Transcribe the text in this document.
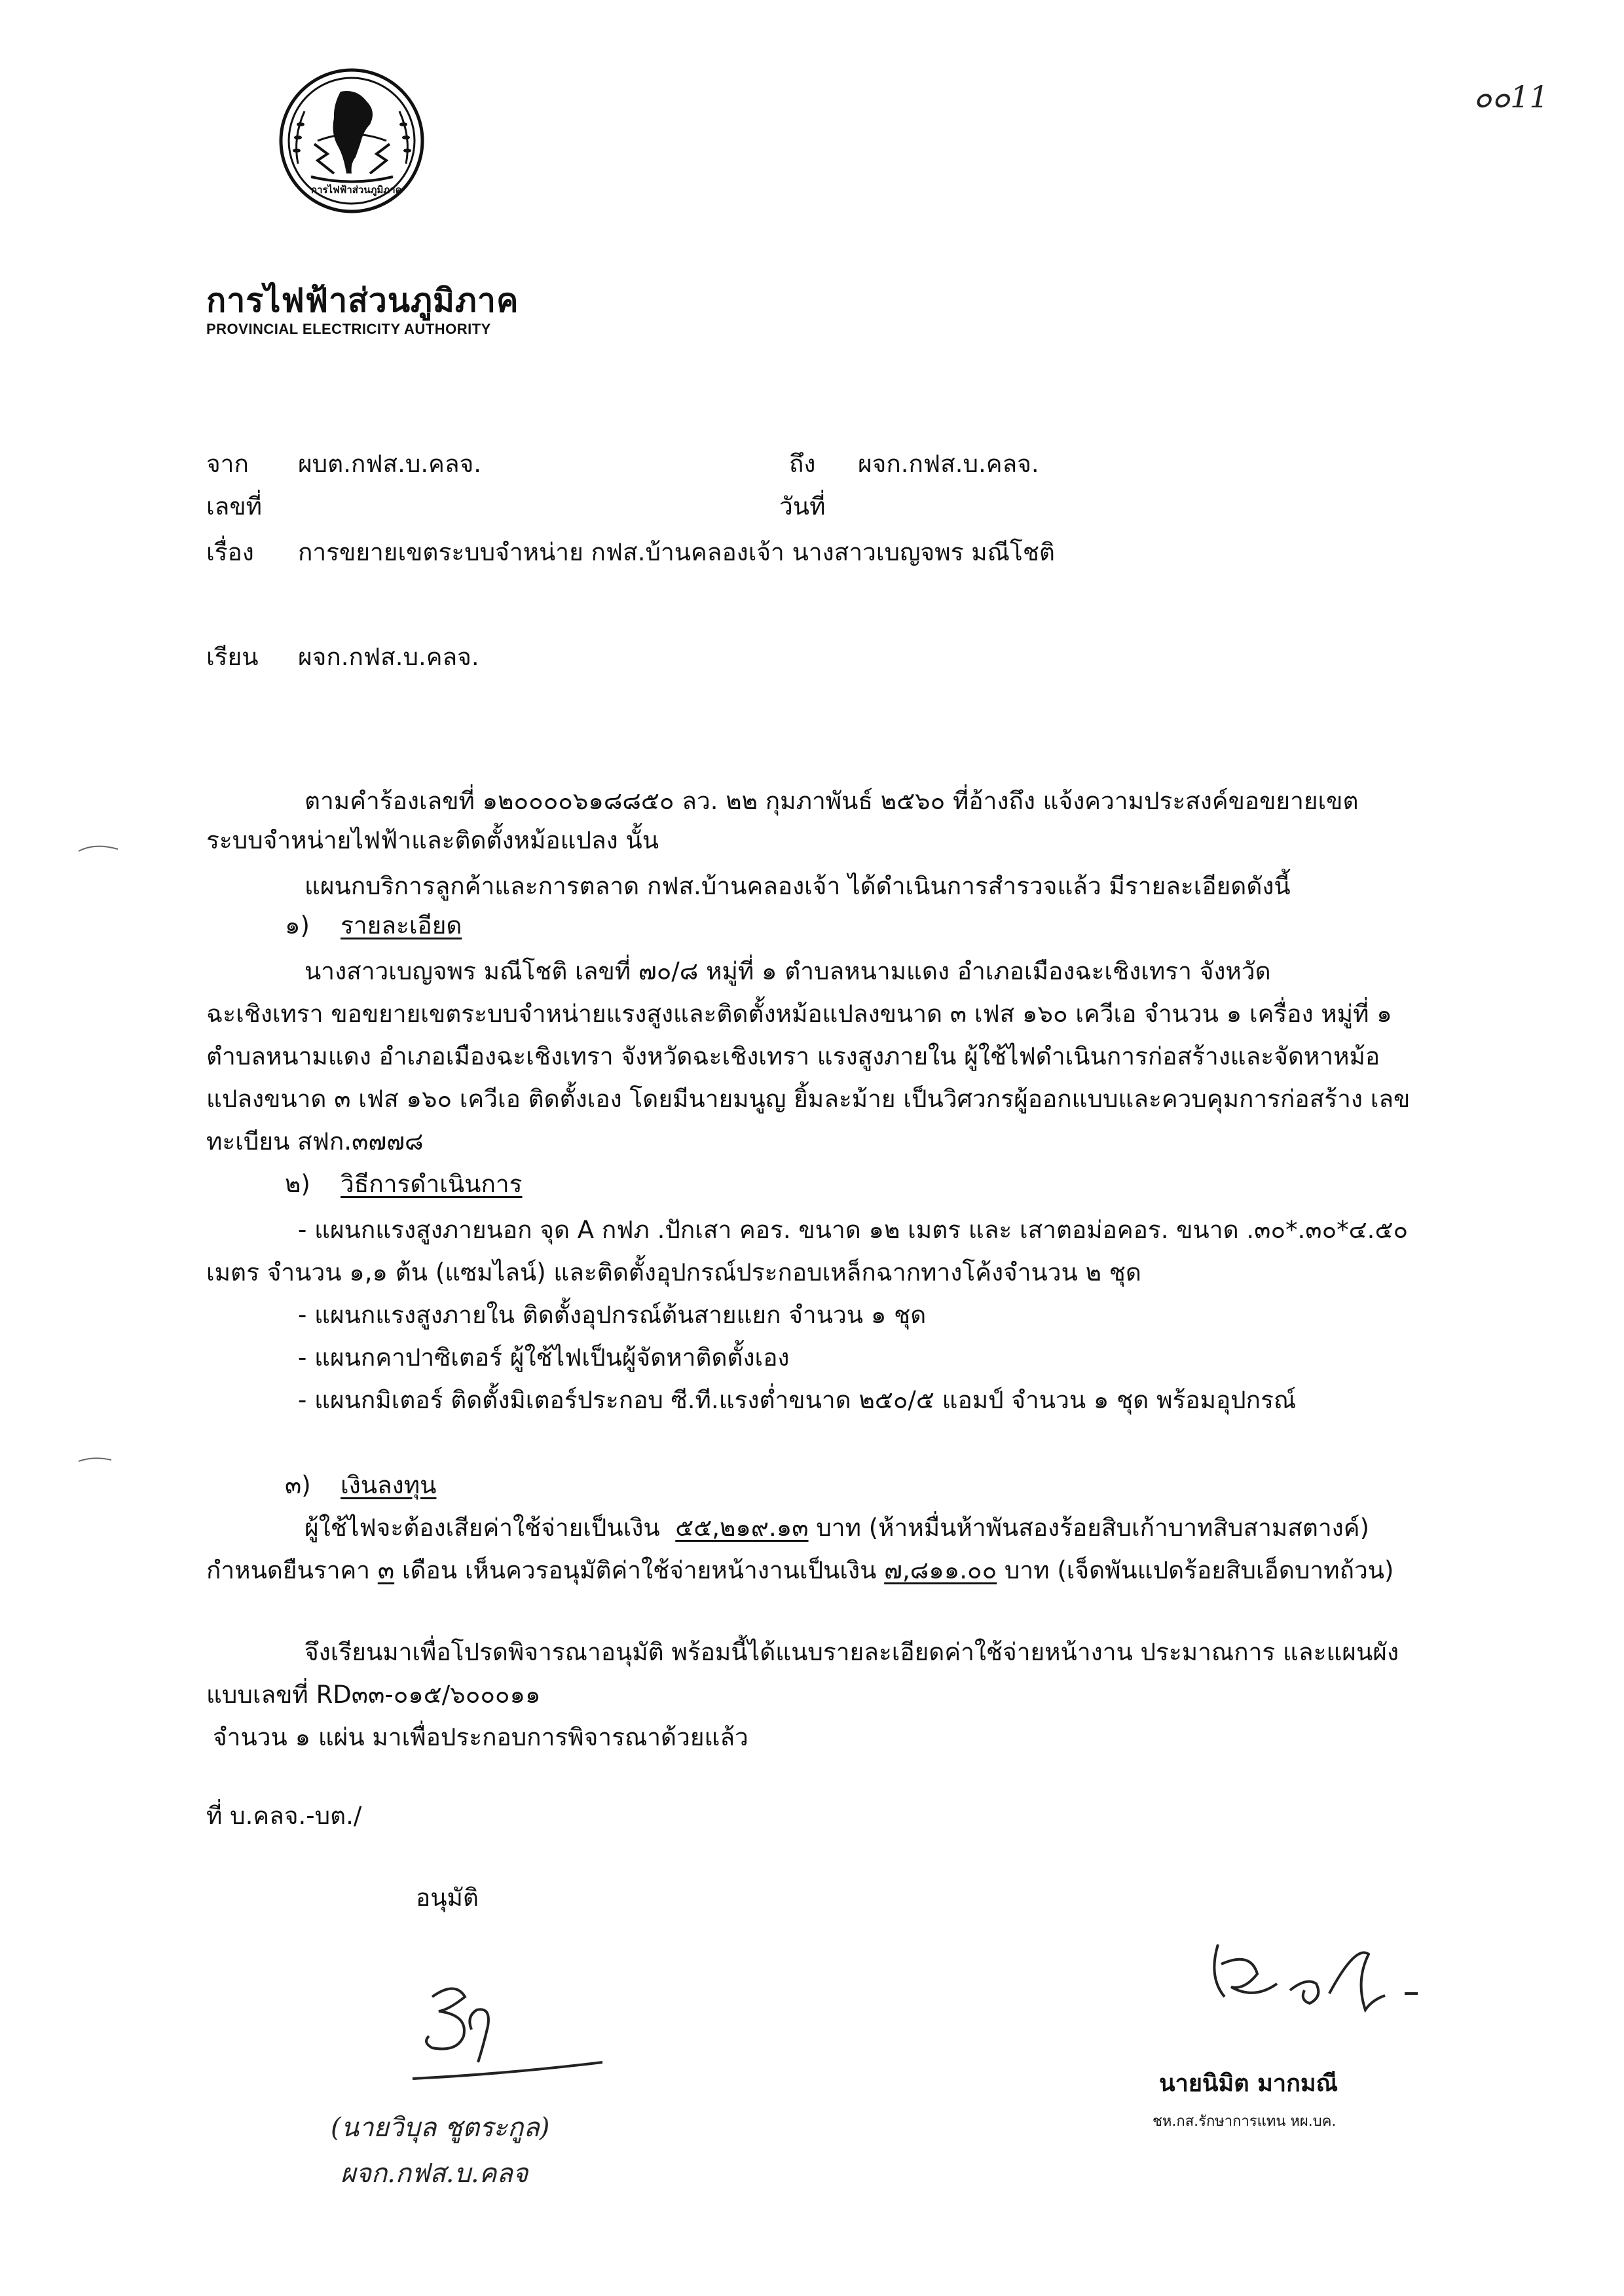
๐๐11
การไฟฟ้าส่วนภูมิภาค
การไฟฟ้าส่วนภูมิภาค
PROVINCIAL ELECTRICITY AUTHORITY
จาก ผบต.กฟส.บ.คลจ.	ถึง ผจก.กฟส.บ.คลจ.
เลขที่	วันที่
เรื่อง การขยายเขตระบบจำหน่าย กฟส.บ้านคลองเจ้า นางสาวเบญจพร มณีโชติ
เรียน ผจก.กฟส.บ.คลจ.
ตามคำร้องเลขที่ ๑๒๐๐๐๐๖๑๘๘๕๐ ลว. ๒๒ กุมภาพันธ์ ๒๕๖๐ ที่อ้างถึง แจ้งความประสงค์ขอขยายเขต
ระบบจำหน่ายไฟฟ้าและติดตั้งหม้อแปลง นั้น
แผนกบริการลูกค้าและการตลาด กฟส.บ้านคลองเจ้า ได้ดำเนินการสำรวจแล้ว มีรายละเอียดดังนี้
๑) รายละเอียด
นางสาวเบญจพร มณีโชติ เลขที่ ๗๐/๘ หมู่ที่ ๑ ตำบลหนามแดง อำเภอเมืองฉะเชิงเทรา จังหวัด
ฉะเชิงเทรา ขอขยายเขตระบบจำหน่ายแรงสูงและติดตั้งหม้อแปลงขนาด ๓ เฟส ๑๖๐ เควีเอ จำนวน ๑ เครื่อง หมู่ที่ ๑
ตำบลหนามแดง อำเภอเมืองฉะเชิงเทรา จังหวัดฉะเชิงเทรา แรงสูงภายใน ผู้ใช้ไฟดำเนินการก่อสร้างและจัดหาหม้อ
แปลงขนาด ๓ เฟส ๑๖๐ เควีเอ ติดตั้งเอง โดยมีนายมนูญ ยิ้มละม้าย เป็นวิศวกรผู้ออกแบบและควบคุมการก่อสร้าง เลข
ทะเบียน สฟก.๓๗๗๘
๒) วิธีการดำเนินการ
- แผนกแรงสูงภายนอก จุด A กฟภ .ปักเสา คอร. ขนาด ๑๒ เมตร และ เสาตอม่อคอร. ขนาด .๓๐*.๓๐*๔.๕๐
เมตร จำนวน ๑,๑ ต้น (แซมไลน์) และติดตั้งอุปกรณ์ประกอบเหล็กฉากทางโค้งจำนวน ๒ ชุด
- แผนกแรงสูงภายใน ติดตั้งอุปกรณ์ต้นสายแยก จำนวน ๑ ชุด
- แผนกคาปาซิเตอร์ ผู้ใช้ไฟเป็นผู้จัดหาติดตั้งเอง
- แผนกมิเตอร์ ติดตั้งมิเตอร์ประกอบ ซี.ที.แรงต่ำขนาด ๒๕๐/๕ แอมป์ จำนวน ๑ ชุด พร้อมอุปกรณ์
๓) เงินลงทุน
ผู้ใช้ไฟจะต้องเสียค่าใช้จ่ายเป็นเงิน ๕๕,๒๑๙.๑๓ บาท (ห้าหมื่นห้าพันสองร้อยสิบเก้าบาทสิบสามสตางค์)
กำหนดยืนราคา ๓ เดือน เห็นควรอนุมัติค่าใช้จ่ายหน้างานเป็นเงิน ๗,๘๑๑.๐๐ บาท (เจ็ดพันแปดร้อยสิบเอ็ดบาทถ้วน)
จึงเรียนมาเพื่อโปรดพิจารณาอนุมัติ พร้อมนี้ได้แนบรายละเอียดค่าใช้จ่ายหน้างาน ประมาณการ และแผนผัง
แบบเลขที่ RD๓๓-๐๑๕/๖๐๐๐๑๑
จำนวน ๑ แผ่น มาเพื่อประกอบการพิจารณาด้วยแล้ว
ที่ บ.คลจ.-บต./
อนุมัติ
(นายวิบุล ชูตระกูล)
ผจก.กฟส.บ.คลจ
นายนิมิต มากมณี
ชห.กส.รักษาการแทน หผ.บค.
